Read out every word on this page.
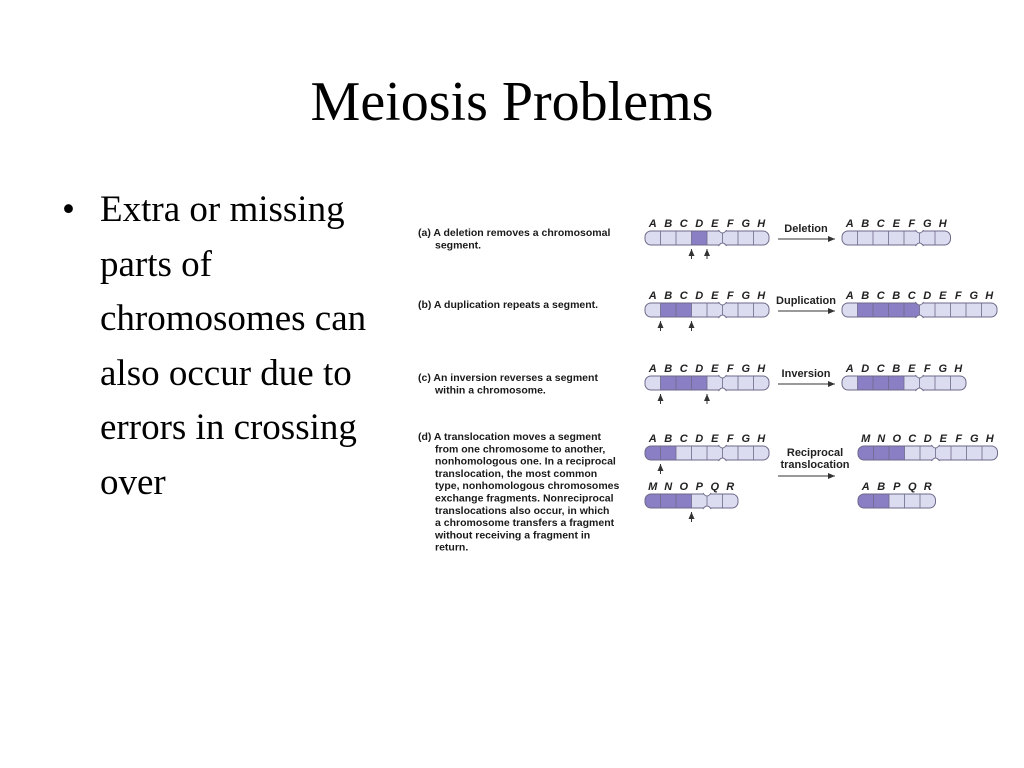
Meiosis Problems
• Extra or missing parts of chromosomes can also occur due to errors in crossing over
(a) A deletion removes a chromosomal
segment.
Deletion
A B C D E F G H	A B C E F G H
(b) A duplication repeats a segment.	Duplication
A B C D E F G H	A B C B C D E F G H
(c) An inversion reverses a segment
within a chromosome.
Inversion
A B C D E F G H	A D C B E F G H
(d) A translocation moves a segment
from one chromosome to another,
nonhomologous one. In a reciprocal
translocation, the most common
type, nonhomologous chromosomes
exchange fragments. Nonreciprocal
translocations also occur, in which
a chromosome transfers a fragment
without receiving a fragment in
return.
Reciprocal
translocation
A B C D E F G H
M N O P Q R
M N O C D E F G H
A B P Q R
